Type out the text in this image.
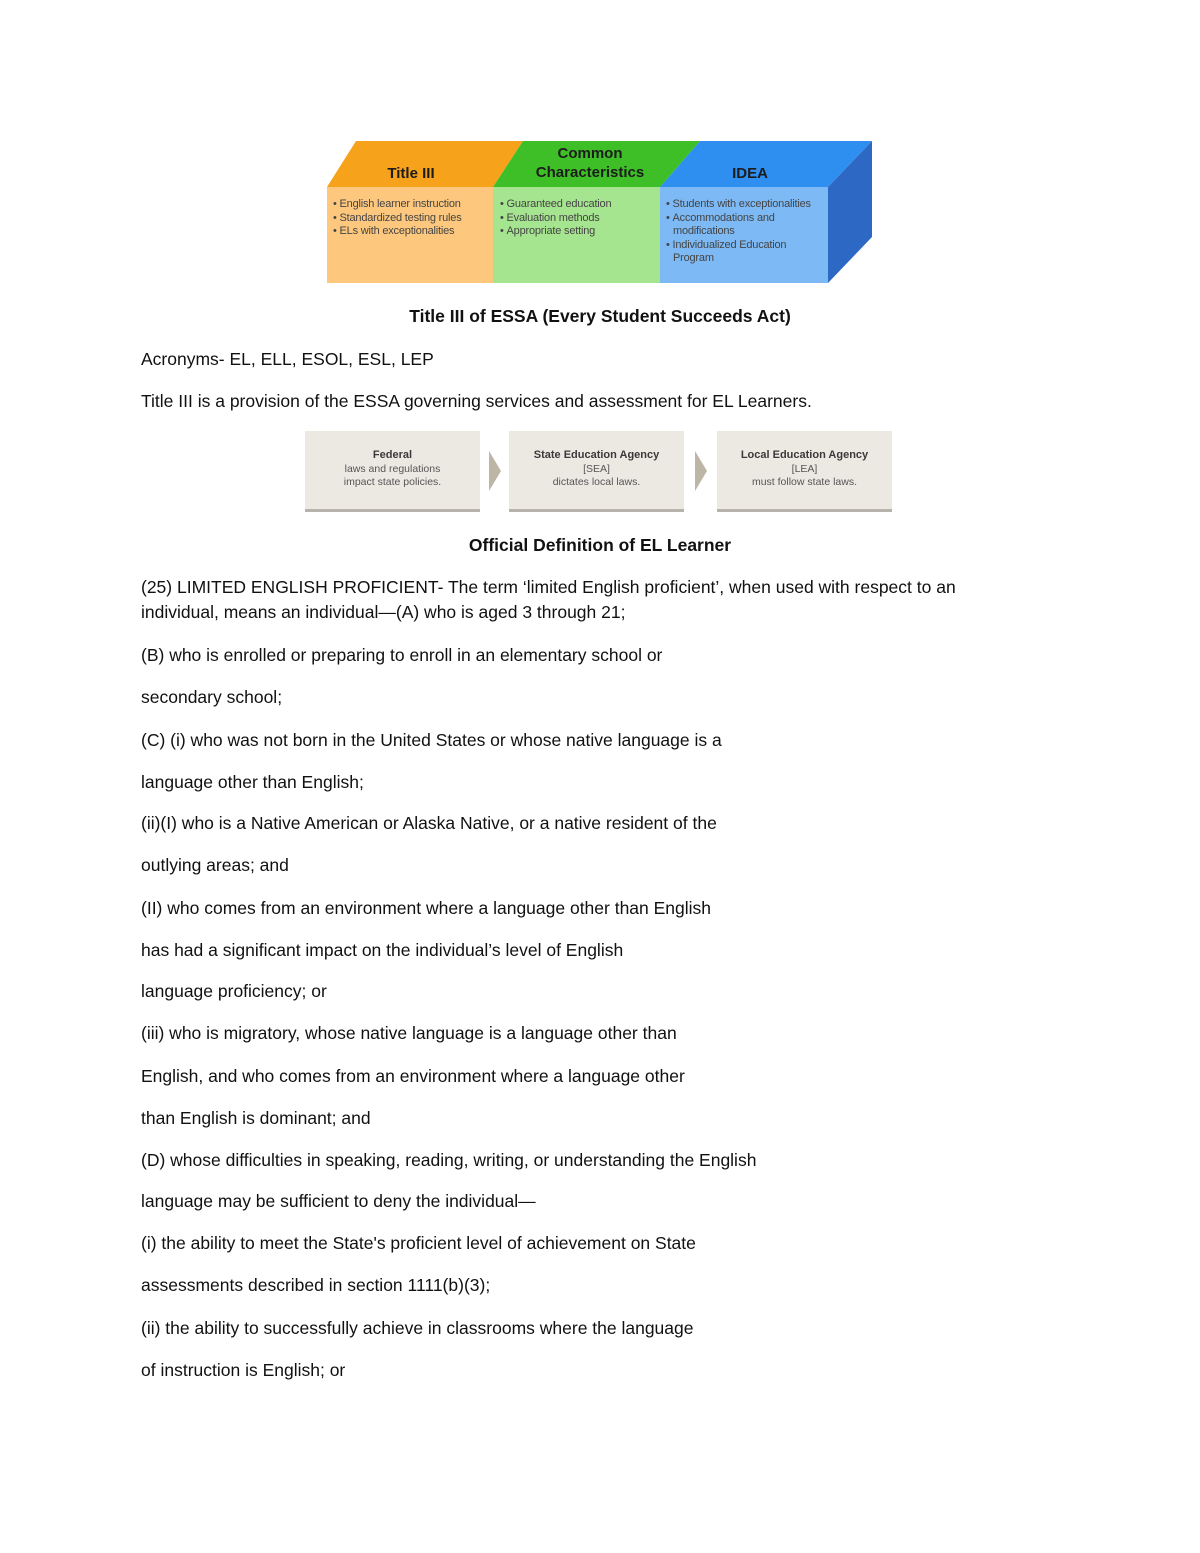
Title III
Common
Characteristics	IDEA
• English learner instruction
• Standardized testing rules
• ELs with exceptionalities
• Guaranteed education
• Evaluation methods
• Appropriate setting
• Students with exceptionalities
• Accommodations and
modifications
• Individualized Education
Program
Title III of ESSA (Every Student Succeeds Act)
Acronyms- EL, ELL, ESOL, ESL, LEP
Title III is a provision of the ESSA governing services and assessment for EL Learners.
Federal
laws and regulations
impact state policies.
State Education Agency
[SEA]
dictates local laws.
Local Education Agency
[LEA]
must follow state laws.
Official Definition of EL Learner
(25) LIMITED ENGLISH PROFICIENT- The term ‘limited English proficient’, when used with respect to an
individual, means an individual—(A) who is aged 3 through 21;
(B) who is enrolled or preparing to enroll in an elementary school or
secondary school;
(C) (i) who was not born in the United States or whose native language is a
language other than English;
(ii)(I) who is a Native American or Alaska Native, or a native resident of the
outlying areas; and
(II) who comes from an environment where a language other than English
has had a significant impact on the individual’s level of English
language proficiency; or
(iii) who is migratory, whose native language is a language other than
English, and who comes from an environment where a language other
than English is dominant; and
(D) whose difficulties in speaking, reading, writing, or understanding the English
language may be sufficient to deny the individual—
(i) the ability to meet the State's proficient level of achievement on State
assessments described in section 1111(b)(3);
(ii) the ability to successfully achieve in classrooms where the language
of instruction is English; or
